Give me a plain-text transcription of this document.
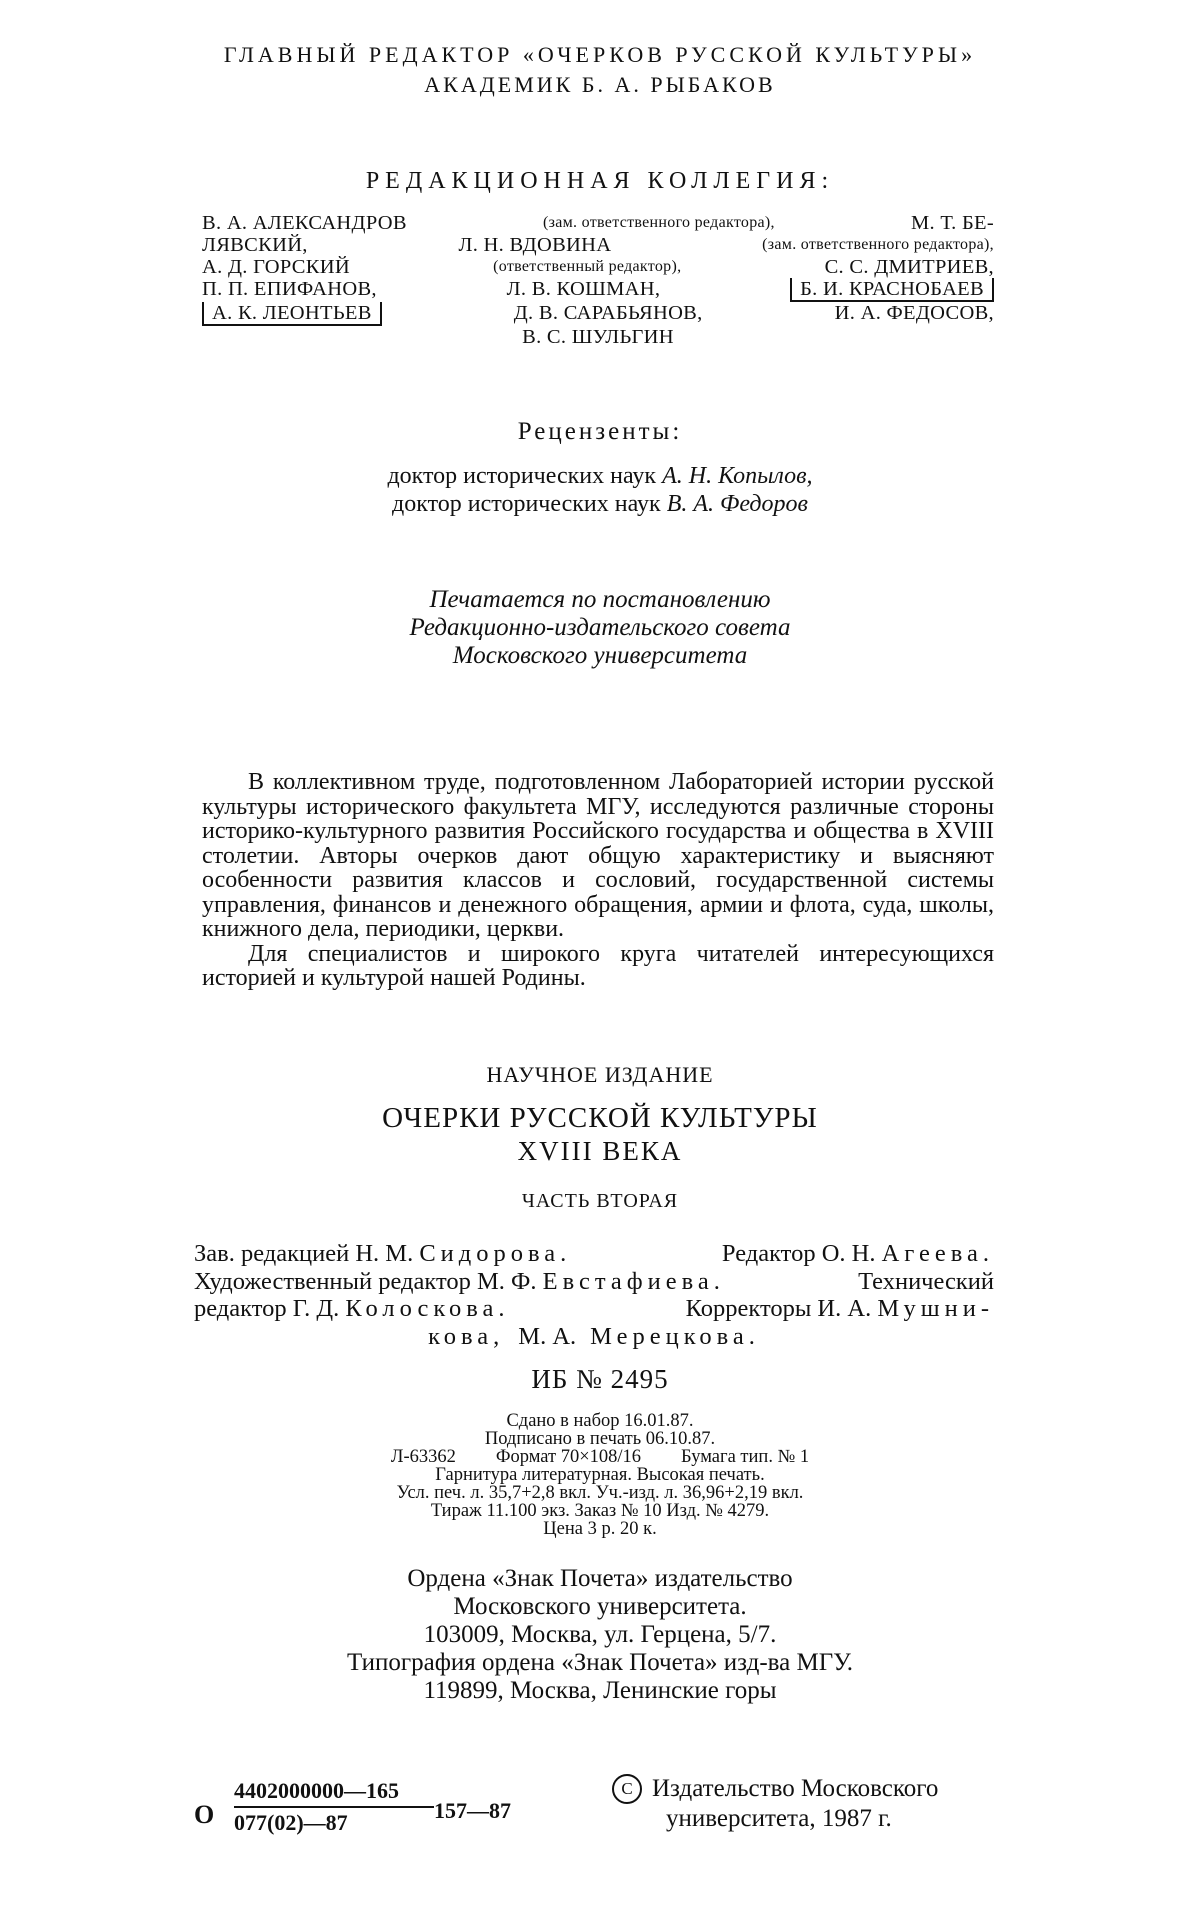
ГЛАВНЫЙ РЕДАКТОР «ОЧЕРКОВ РУССКОЙ КУЛЬТУРЫ»
АКАДЕМИК Б. А. РЫБАКОВ
РЕДАКЦИОННАЯ КОЛЛЕГИЯ:
В. А. АЛЕКСАНДРОВ	(зам. ответственного редактора),	М. Т. БЕ-
ЛЯВСКИЙ,	Л. Н. ВДОВИНА	(зам. ответственного редактора),
А. Д. ГОРСКИЙ	(ответственный редактор),	С. С. ДМИТРИЕВ,
П. П. ЕПИФАНОВ,	Л. В. КОШМАН,	Б. И. КРАСНОБАЕВ
А. К. ЛЕОНТЬЕВ	Д. В. САРАБЬЯНОВ,	И. А. ФЕДОСОВ,
В. С. ШУЛЬГИН
Рецензенты:
доктор исторических наук А. Н. Копылов,
доктор исторических наук В. А. Федоров
Печатается по постановлению
Редакционно-издательского совета
Московского университета

В коллективном труде, подготовленном Лабораторией истории русской культуры исторического факультета МГУ, исследуются различные стороны историко-культурного развития Российского государства и общества в XVIII столетии. Авторы очерков дают общую характеристику и выясняют особенности развития классов и сословий, государственной системы управления, финансов и денежного обращения, армии и флота, суда, школы, книжного дела, периодики, церкви.

Для специалистов и широкого круга читателей интересующихся историей и культурой нашей Родины.

НАУЧНОЕ ИЗДАНИЕ
ОЧЕРКИ РУССКОЙ КУЛЬТУРЫ
XVIII ВЕКА
ЧАСТЬ ВТОРАЯ
Зав. редакцией Н. М. Сидорова.	Редактор О. Н. Агеева.
Художественный редактор М. Ф. Евстафиева.	Технический
редактор Г. Д. Колоскова.	Корректоры И. А. Мушни-
кова, М. А. Мерецкова.
ИБ № 2495
Сдано в набор 16.01.87.
Подписано в печать 06.10.87.
Л-63362 Формат 70×108/16 Бумага тип. № 1
Гарнитура литературная. Высокая печать.
Усл. печ. л. 35,7+2,8 вкл. Уч.-изд. л. 36,96+2,19 вкл.
Тираж 11.100 экз. Заказ № 10 Изд. № 4279.
Цена 3 р. 20 к.
Ордена «Знак Почета» издательство
Московского университета.
103009, Москва, ул. Герцена, 5/7.
Типография ордена «Знак Почета» изд-ва МГУ.
119899, Москва, Ленинские горы
О $\frac{4402000000—165}{077(02)—87}$ 157—87
C Издательство Московского
университета, 1987 г.
